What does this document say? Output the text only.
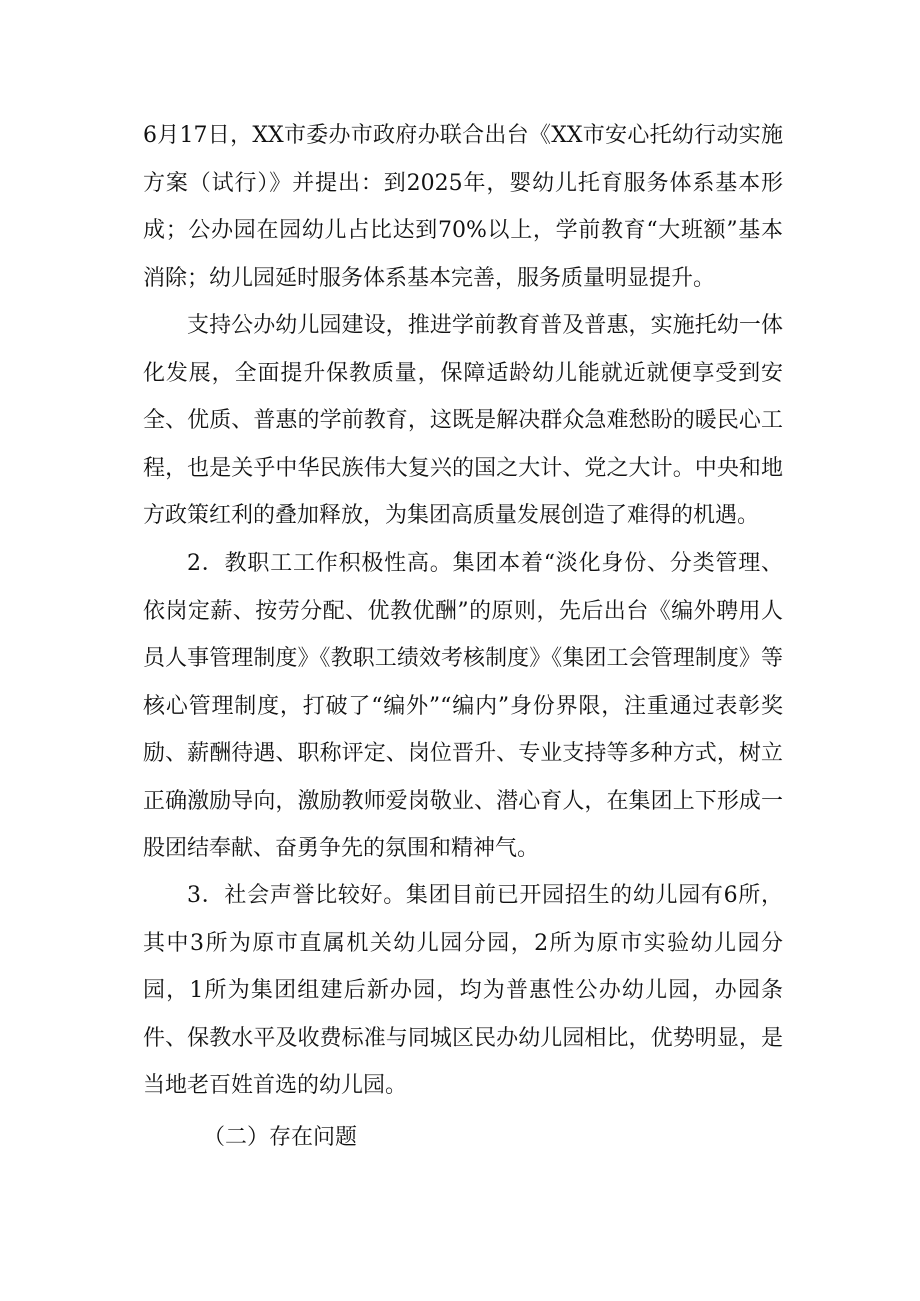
6月17日，XX市委办市政府办联合出台《XX市安心托幼行动实施方案（试行）》并提出：到2025年，婴幼儿托育服务体系基本形成；公办园在园幼儿占比达到70%以上，学前教育“大班额”基本消除；幼儿园延时服务体系基本完善，服务质量明显提升。
支持公办幼儿园建设，推进学前教育普及普惠，实施托幼一体化发展，全面提升保教质量，保障适龄幼儿能就近就便享受到安全、优质、普惠的学前教育，这既是解决群众急难愁盼的暖民心工程，也是关乎中华民族伟大复兴的国之大计、党之大计。中央和地方政策红利的叠加释放，为集团高质量发展创造了难得的机遇。
2．教职工工作积极性高。集团本着“淡化身份、分类管理、依岗定薪、按劳分配、优教优酬”的原则，先后出台《编外聘用人员人事管理制度》《教职工绩效考核制度》《集团工会管理制度》等核心管理制度，打破了“编外”“编内”身份界限，注重通过表彰奖励、薪酬待遇、职称评定、岗位晋升、专业支持等多种方式，树立正确激励导向，激励教师爱岗敬业、潜心育人，在集团上下形成一股团结奉献、奋勇争先的氛围和精神气。
3．社会声誉比较好。集团目前已开园招生的幼儿园有6所，其中3所为原市直属机关幼儿园分园，2所为原市实验幼儿园分园，1所为集团组建后新办园，均为普惠性公办幼儿园，办园条件、保教水平及收费标准与同城区民办幼儿园相比，优势明显，是当地老百姓首选的幼儿园。
（二）存在问题
